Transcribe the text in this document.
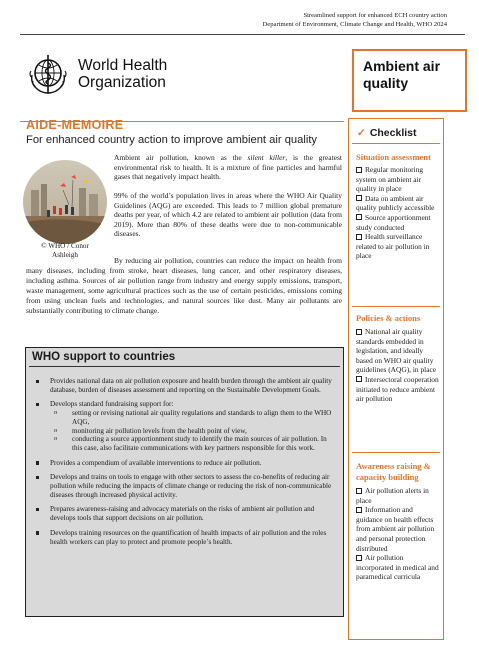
Streamlined support for enhanced ECH country action
Department of Environment, Climate Change and Health, WHO 2024
World Health
Organization
Ambient air
quality
AIDE-MEMOIRE
For enhanced country action to improve ambient air quality
© WHO / Conor
Ashleigh

Ambient air pollution, known as the silent killer, is the greatest environmental risk to health. It is a mixture of fine particles and harmful gases that negatively impact health.

99% of the world’s population lives in areas where the WHO Air Quality Guidelines (AQG) are exceeded. This leads to 7 million global premature deaths per year, of which 4.2 are related to ambient air pollution (data from 2019). More than 80% of these deaths were due to non-communicable diseases.

By reducing air pollution, countries can reduce the impact on health from many diseases, including from stroke, heart diseases, lung cancer, and other respiratory diseases, including asthma. Sources of air pollution range from industry and energy supply emissions, transport, waste management, some agricultural practices such as the use of certain pesticides, emissions coming from using unclean fuels and technologies, and natural sources like dust. Many air pollutants are substantially contributing to climate change.

WHO support to countries
Provides national data on air pollution exposure and health burden through the ambient air quality database, burden of diseases assessment and reporting on the Sustainable Development Goals.
Develops standard fundraising support for:
o setting or revising national air quality regulations and standards to align them to the WHO AQG,
o monitoring air pollution levels from the health point of view,
o conducting a source apportionment study to identify the main sources of air pollution. In this case, also facilitate communications with key partners responsible for this work.
Provides a compendium of available interventions to reduce air pollution.
Develops and trains on tools to engage with other sectors to assess the co-benefits of reducing air pollution while reducing the impacts of climate change or reducing the risk of non-communicable diseases through increased physical activity.
Prepares awareness-raising and advocacy materials on the risks of ambient air pollution and develops tools that support decisions on air pollution.
Develops training resources on the quantification of health impacts of air pollution and the roles health workers can play to protect and promote people’s health.
✓ Checklist

Situation assessment

Regular monitoring system on ambient air quality in place
Data on ambient air quality publicly accessible
Source apportionment study conducted
Health surveillance related to air pollution in place

Policies & actions

National air quality standards embedded in legislation, and ideally based on WHO air quality guidelines (AQG), in place
Intersectoral cooperation initiated to reduce ambient air pollution

Awareness raising & capacity building

Air pollution alerts in place
Information and guidance on health effects from ambient air pollution and personal protection distributed
Air pollution incorporated in medical and paramedical curricula
